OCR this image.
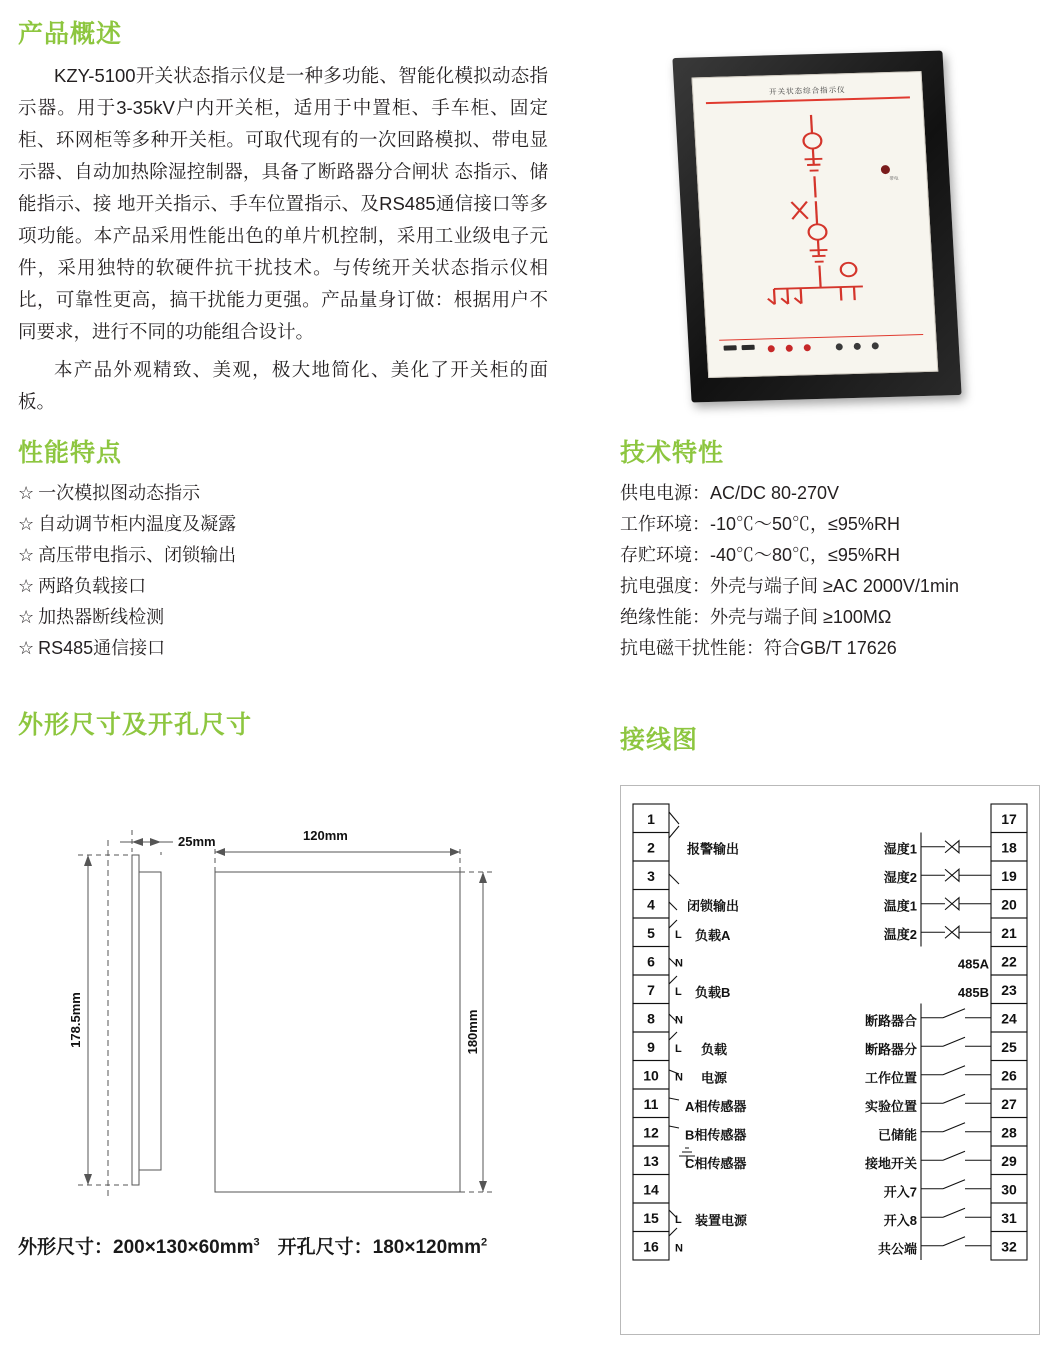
产品概述

KZY-5100开关状态指示仪是一种多功能、智能化模拟动态指示器。用于3-35kV户内开关柜，适用于中置柜、手车柜、固定柜、环网柜等多种开关柜。可取代现有的一次回路模拟、带电显示器、自动加热除湿控制器，具备了断路器分合闸状 态指示、储能指示、接 地开关指示、手车位置指示、及RS485通信接口等多项功能。本产品采用性能出色的单片机控制，采用工业级电子元件，采用独特的软硬件抗干扰技术。与传统开关状态指示仪相比，可靠性更高，搞干扰能力更强。产品量身订做：根据用户不同要求，进行不同的功能组合设计。

本产品外观精致、美观，极大地简化、美化了开关柜的面板。

开关状态综合指示仪
带电
性能特点
☆ 一次模拟图动态指示
☆ 自动调节柜内温度及凝露
☆ 高压带电指示、闭锁输出
☆ 两路负载接口
☆ 加热器断线检测
☆ RS485通信接口
技术特性
供电电源：AC/DC 80-270V
工作环境：-10℃～50℃，≤95%RH
存贮环境：-40℃～80℃，≤95%RH
抗电强度：外壳与端子间 ≥AC 2000V/1min
绝缘性能：外壳与端子间 ≥100MΩ
抗电磁干扰性能：符合GB/T 17626
外形尺寸及开孔尺寸
25mm	120mm
178.5mm	180mm
外形尺寸：$200\times 130\times 60mm^3$ 开孔尺寸：$180\times 120mm^2$
接线图
1
2
3
4
5
6
7
8
9
10
11
12
13
14
15
16
17
18
19
20
21
22
23
24
25
26
27
28
29
30
31
32
L
N
L
N
L
N
L
N
报警输出
闭锁输出
负载A
负载B
负载
电源
A相传感器
B相传感器
C相传感器
装置电源
湿度1
湿度2
温度1
温度2
485A
485B
断路器合
断路器分
工作位置
实验位置
已储能
接地开关
开入7
开入8
共公端
